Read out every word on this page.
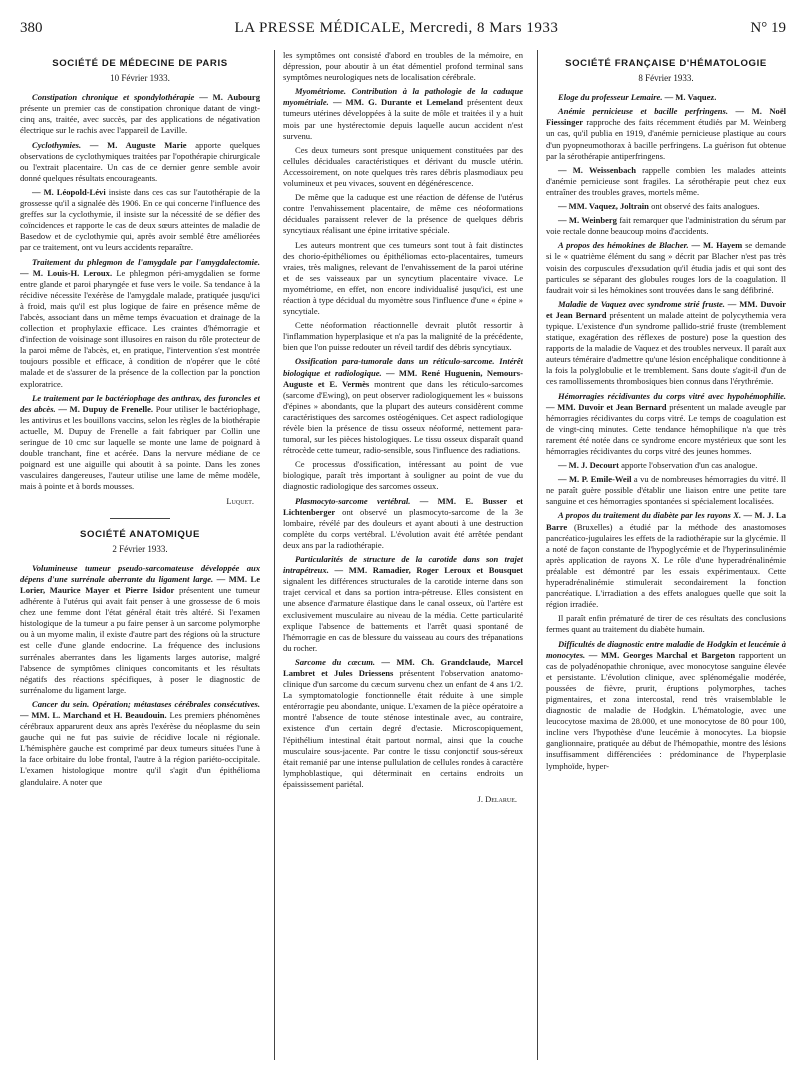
380	LA PRESSE MÉDICALE, Mercredi, 8 Mars 1933	N° 19
SOCIÉTÉ DE MÉDECINE DE PARIS
10 Février 1933.

Constipation chronique et spondylothérapie — M. Aubourg présente un premier cas de constipation chronique datant de vingt-cinq ans, traitée, avec succès, par des applications de négativation électrique sur le rachis avec l'appareil de Laville.

Cyclothymies. — M. Auguste Marie apporte quelques observations de cyclothymiques traitées par l'opothérapie chirurgicale ou l'extrait placentaire. Un cas de ce dernier genre semble avoir donné quelques résultats encourageants.

— M. Léopold-Lévi insiste dans ces cas sur l'autothérapie de la grossesse qu'il a signalée dès 1906. En ce qui concerne l'influence des greffes sur la cyclothymie, il insiste sur la nécessité de se défier des coïncidences et rapporte le cas de deux sœurs atteintes de maladie de Basedow et de cyclothymie qui, après avoir semblé être améliorées par ce traitement, ont vu leurs accidents reparaître.

Traitement du phlegmon de l'amygdale par l'amygdalectomie. — M. Louis-H. Leroux. Le phlegmon péri-amygdalien se forme entre glande et paroi pharyngée et fuse vers le voile. Sa tendance à la récidive nécessite l'exérèse de l'amygdale malade, pratiquée jusqu'ici à froid, mais qu'il est plus logique de faire en présence même de l'abcès, associant dans un même temps évacuation et drainage de la collection et prophylaxie efficace. Les craintes d'hémorragie et d'infection de voisinage sont illusoires en raison du rôle protecteur de la paroi même de l'abcès, et, en pratique, l'intervention s'est montrée toujours possible et efficace, à condition de n'opérer que le côté malade et de s'assurer de la présence de la collection par la ponction exploratrice.

Le traitement par le bactériophage des anthrax, des furoncles et des abcès. — M. Dupuy de Frenelle. Pour utiliser le bactériophage, les antivirus et les bouillons vaccins, selon les règles de la biothérapie actuelle, M. Dupuy de Frenelle a fait fabriquer par Collin une seringue de 10 cmc sur laquelle se monte une lame de poignard à double tranchant, fine et acérée. Dans la nervure médiane de ce poignard est une aiguille qui aboutit à sa pointe. Dans les zones vasculaires dangereuses, l'auteur utilise une lame de même modèle, mais à pointe et à bords mousses.

Luquet.
SOCIÉTÉ ANATOMIQUE
2 Février 1933.

Volumineuse tumeur pseudo-sarcomateuse développée aux dépens d'une surrénale aberrante du ligament large. — MM. Le Lorier, Maurice Mayer et Pierre Isidor présentent une tumeur adhérente à l'utérus qui avait fait penser à une grossesse de 6 mois chez une femme dont l'état général était très altéré. Si l'examen histologique de la tumeur a pu faire penser à un sarcome polymorphe ou à un myome malin, il existe d'autre part des régions où la structure est celle d'une glande endocrine. La fréquence des inclusions surrénales aberrantes dans les ligaments larges autorise, malgré l'absence de symptômes cliniques concomitants et les résultats négatifs des réactions spécifiques, à poser le diagnostic de surrénalome du ligament large.

Cancer du sein. Opération; métastases cérébrales consécutives. — MM. L. Marchand et H. Beaudouin. Les premiers phénomènes cérébraux apparurent deux ans après l'exérèse du néoplasme du sein gauche qui ne fut pas suivie de récidive locale ni régionale. L'hémisphère gauche est comprimé par deux tumeurs situées l'une à la face orbitaire du lobe frontal, l'autre à la région pariéto-occipitale. L'examen histologique montre qu'il s'agit d'un épithélioma glandulaire. A noter que

les symptômes ont consisté d'abord en troubles de la mémoire, en dépression, pour aboutir à un état démentiel profond terminal sans symptômes neurologiques nets de localisation cérébrale.

Myométriome. Contribution à la pathologie de la caduque myométriale. — MM. G. Durante et Lemeland présentent deux tumeurs utérines développées à la suite de môle et traitées il y a huit mois par une hystérectomie depuis laquelle aucun accident n'est survenu.

Ces deux tumeurs sont presque uniquement constituées par des cellules déciduales caractéristiques et dérivant du muscle utérin. Accessoirement, on note quelques très rares débris plasmodiaux peu volumineux et peu vivaces, souvent en dégénérescence.

De même que la caduque est une réaction de défense de l'utérus contre l'envahissement placentaire, de même ces néoformations déciduales paraissent relever de la présence de quelques débris syncytiaux réalisant une épine irritative spéciale.

Les auteurs montrent que ces tumeurs sont tout à fait distinctes des chorio-épithéliomes ou épithéliomas ecto-placentaires, tumeurs vraies, très malignes, relevant de l'envahissement de la paroi utérine et de ses vaisseaux par un syncytium placentaire vivace. Le myométriome, en effet, non encore individualisé jusqu'ici, est une réaction à type décidual du myomètre sous l'influence d'une « épine » syncytiale.

Cette néoformation réactionnelle devrait plutôt ressortir à l'inflammation hyperplasique et n'a pas la malignité de la précédente, bien que l'on puisse redouter un réveil tardif des débris syncytiaux.

Ossification para-tumorale dans un réticulo-sarcome. Intérêt biologique et radiologique. — MM. René Huguenin, Nemours-Auguste et E. Vermès montrent que dans les réticulo-sarcomes (sarcome d'Ewing), on peut observer radiologiquement les « buissons d'épines » abondants, que la plupart des auteurs considèrent comme caractéristiques des sarcomes ostéogéniques. Cet aspect radiologique révèle bien la présence de tissu osseux néoformé, nettement para-tumoral, sur les pièces histologiques. Le tissu osseux disparaît quand rétrocède cette tumeur, radio-sensible, sous l'influence des radiations.

Ce processus d'ossification, intéressant au point de vue biologique, paraît très important à souligner au point de vue du diagnostic radiologique des sarcomes osseux.

Plasmocyto-sarcome vertébral. — MM. E. Busser et Lichtenberger ont observé un plasmocyto-sarcome de la 3e lombaire, révélé par des douleurs et ayant abouti à une destruction complète du corps vertébral. L'évolution avait été arrêtée pendant deux ans par la radiothérapie.

Particularités de structure de la carotide dans son trajet intrapétreux. — MM. Ramadier, Roger Leroux et Bousquet signalent les différences structurales de la carotide interne dans son trajet cervical et dans sa portion intra-pétreuse. Elles consistent en une absence d'armature élastique dans le canal osseux, où l'artère est exclusivement musculaire au niveau de la média. Cette particularité explique l'absence de battements et l'arrêt quasi spontané de l'hémorragie en cas de blessure du vaisseau au cours des trépanations du rocher.

Sarcome du cæcum. — MM. Ch. Grandclaude, Marcel Lambret et Jules Driessens présentent l'observation anatomo-clinique d'un sarcome du cæcum survenu chez un enfant de 4 ans 1/2. La symptomatologie fonctionnelle était réduite à une simple entérorragie peu abondante, unique. L'examen de la pièce opératoire a montré l'absence de toute sténose intestinale avec, au contraire, existence d'un certain degré d'ectasie. Microscopiquement, l'épithélium intestinal était partout normal, ainsi que la couche musculaire sous-jacente. Par contre le tissu conjonctif sous-séreux était remanié par une intense pullulation de cellules rondes à caractère lymphoblastique, qui déterminait en certains endroits un épaississement pariétal.

J. Delarue.
SOCIÉTÉ FRANÇAISE D'HÉMATOLOGIE
8 Février 1933.

Eloge du professeur Lemaire. — M. Vaquez.

Anémie pernicieuse et bacille perfringens. — M. Noël Fiessinger rapproche des faits récemment étudiés par M. Weinberg un cas, qu'il publia en 1919, d'anémie pernicieuse plastique au cours d'un pyopneumothorax à bacille perfringens. La guérison fut obtenue par la sérothérapie antiperfringens.

— M. Weissenbach rappelle combien les malades atteints d'anémie pernicieuse sont fragiles. La sérothérapie peut chez eux entraîner des troubles graves, mortels même.

— MM. Vaquez, Joltrain ont observé des faits analogues.

— M. Weinberg fait remarquer que l'administration du sérum par voie rectale donne beaucoup moins d'accidents.

A propos des hémokines de Blacher. — M. Hayem se demande si le « quatrième élément du sang » décrit par Blacher n'est pas très voisin des corpuscules d'exsudation qu'il étudia jadis et qui sont des particules se séparant des globules rouges lors de la coagulation. Il faudrait voir si les hémokines sont trouvées dans le sang défibriné.

Maladie de Vaquez avec syndrome strié fruste. — MM. Duvoir et Jean Bernard présentent un malade atteint de polycythemia vera typique. L'existence d'un syndrome pallido-strié fruste (tremblement statique, exagération des réflexes de posture) pose la question des rapports de la maladie de Vaquez et des troubles nerveux. Il paraît aux auteurs téméraire d'admettre qu'une lésion encéphalique conditionne à la fois la polyglobulie et le tremblement. Sans doute s'agit-il d'un de ces ramollissements thrombosiques bien connus dans l'érythrémie.

Hémorragies récidivantes du corps vitré avec hypohémophilie. — MM. Duvoir et Jean Bernard présentent un malade aveugle par hémorragies récidivantes du corps vitré. Le temps de coagulation est de vingt-cinq minutes. Cette tendance hémophilique n'a que très rarement été notée dans ce syndrome encore mystérieux que sont les hémorragies récidivantes du corps vitré des jeunes hommes.

— M. J. Decourt apporte l'observation d'un cas analogue.

— M. P. Emile-Weil a vu de nombreuses hémorragies du vitré. Il ne paraît guère possible d'établir une liaison entre une petite tare sanguine et ces hémorragies spontanées si spécialement localisées.

A propos du traitement du diabète par les rayons X. — M. J. La Barre (Bruxelles) a étudié par la méthode des anastomoses pancréatico-jugulaires les effets de la radiothérapie sur la glycémie. Il a noté de façon constante de l'hypoglycémie et de l'hyperinsulinémie après application de rayons X. Le rôle d'une hyperadrénalinémie préalable est démontré par les essais expérimentaux. Cette hyperadrénalinémie stimulerait secondairement la fonction pancréatique. L'irradiation a des effets analogues quelle que soit la région irradiée.

Il paraît enfin prématuré de tirer de ces résultats des conclusions fermes quant au traitement du diabète humain.

Difficultés de diagnostic entre maladie de Hodgkin et leucémie à monocytes. — MM. Georges Marchal et Bargeton rapportent un cas de polyadénopathie chronique, avec monocytose sanguine élevée et persistante. L'évolution clinique, avec splénomégalie modérée, poussées de fièvre, prurit, éruptions polymorphes, taches pigmentaires, et zona intercostal, rend très vraisemblable le diagnostic de maladie de Hodgkin. L'hématologie, avec une leucocytose maxima de 28.000, et une monocytose de 80 pour 100, incline vers l'hypothèse d'une leucémie à monocytes. La biopsie ganglionnaire, pratiquée au début de l'hémopathie, montre des lésions insuffisamment différenciées : prédominance de l'hyperplasie lymphoïde, hyper-
